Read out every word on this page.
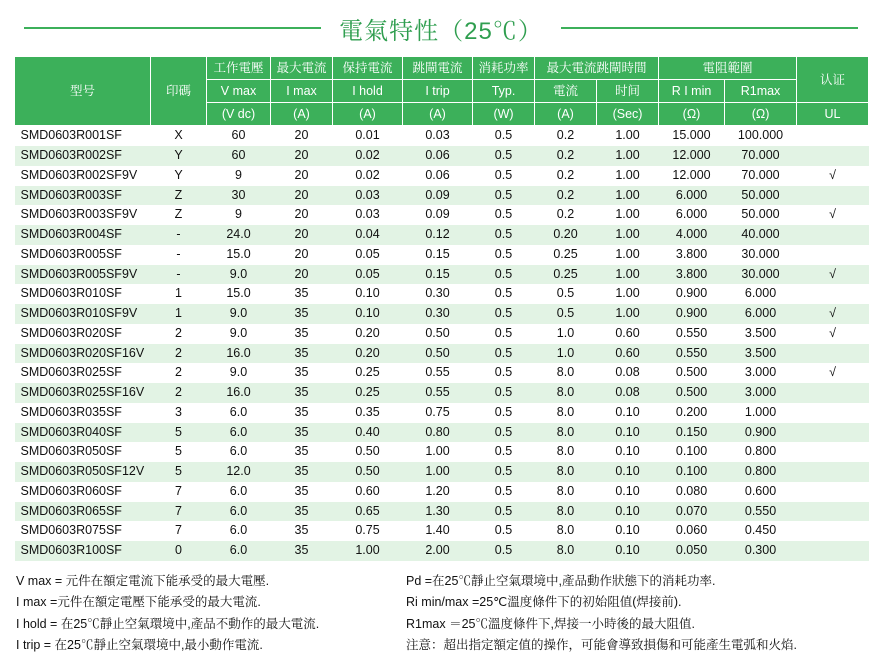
電氣特性（25℃）
型号	印碼	工作電壓	最大電流	保持電流	跳閘電流	消耗功率	最大電流跳閘時間		電阻範圍		认证
		V max	I max	I hold	I trip	Typ.	電流	时间	R I min	R1max	
		(V dc)	(A)	(A)	(A)	(W)	(A)	(Sec)	(Ω)	(Ω)	UL
SMD0603R001SF	X	60	20	0.01	0.03	0.5	0.2	1.00	15.000	100.000	
SMD0603R002SF	Y	60	20	0.02	0.06	0.5	0.2	1.00	12.000	70.000	
SMD0603R002SF9V	Y	9	20	0.02	0.06	0.5	0.2	1.00	12.000	70.000	√
SMD0603R003SF	Z	30	20	0.03	0.09	0.5	0.2	1.00	6.000	50.000	
SMD0603R003SF9V	Z	9	20	0.03	0.09	0.5	0.2	1.00	6.000	50.000	√
SMD0603R004SF	-	24.0	20	0.04	0.12	0.5	0.20	1.00	4.000	40.000	
SMD0603R005SF	-	15.0	20	0.05	0.15	0.5	0.25	1.00	3.800	30.000	
SMD0603R005SF9V	-	9.0	20	0.05	0.15	0.5	0.25	1.00	3.800	30.000	√
SMD0603R010SF	1	15.0	35	0.10	0.30	0.5	0.5	1.00	0.900	6.000	
SMD0603R010SF9V	1	9.0	35	0.10	0.30	0.5	0.5	1.00	0.900	6.000	√
SMD0603R020SF	2	9.0	35	0.20	0.50	0.5	1.0	0.60	0.550	3.500	√
SMD0603R020SF16V	2	16.0	35	0.20	0.50	0.5	1.0	0.60	0.550	3.500	
SMD0603R025SF	2	9.0	35	0.25	0.55	0.5	8.0	0.08	0.500	3.000	√
SMD0603R025SF16V	2	16.0	35	0.25	0.55	0.5	8.0	0.08	0.500	3.000	
SMD0603R035SF	3	6.0	35	0.35	0.75	0.5	8.0	0.10	0.200	1.000	
SMD0603R040SF	5	6.0	35	0.40	0.80	0.5	8.0	0.10	0.150	0.900	
SMD0603R050SF	5	6.0	35	0.50	1.00	0.5	8.0	0.10	0.100	0.800	
SMD0603R050SF12V	5	12.0	35	0.50	1.00	0.5	8.0	0.10	0.100	0.800	
SMD0603R060SF	7	6.0	35	0.60	1.20	0.5	8.0	0.10	0.080	0.600	
SMD0603R065SF	7	6.0	35	0.65	1.30	0.5	8.0	0.10	0.070	0.550	
SMD0603R075SF	7	6.0	35	0.75	1.40	0.5	8.0	0.10	0.060	0.450	
SMD0603R100SF	0	6.0	35	1.00	2.00	0.5	8.0	0.10	0.050	0.300	
V max = 元件在額定電流下能承受的最大電壓.
I max =元件在額定電壓下能承受的最大電流.
I hold = 在25℃靜止空氣環境中,產品不動作的最大電流.
I trip = 在25℃靜止空氣環境中,最小動作電流.
Pd =在25℃靜止空氣環境中,產品動作狀態下的消耗功率.
Ri min/max =25℃溫度條件下的初始阻值(焊接前).
R1max ＝25℃溫度條件下,焊接一小時後的最大阻值.
注意：超出指定額定值的操作，可能會導致損傷和可能產生電弧和火焰.
